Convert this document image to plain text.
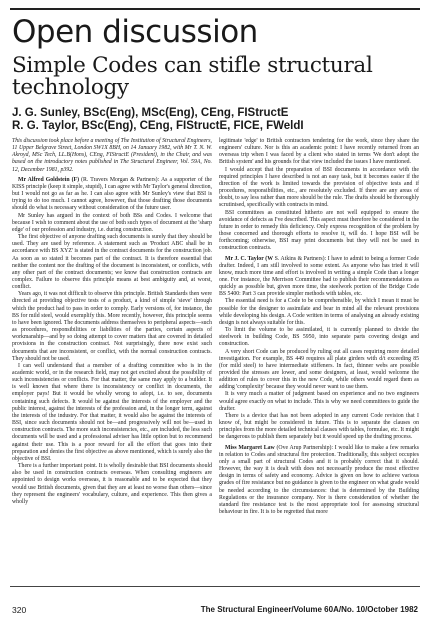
Open discussion
Simple Codes can stifle structural technology
J. G. Sunley, BSc(Eng), MSc(Eng), CEng, FIStructE
R. G. Taylor, BSc(Eng), CEng, FIStructE, FICE, FWeldI

This discussion took place before a meeting of The Institution of Structural Engineers, 11 Upper Belgrave Street, London SW1X 8BH, on 14 January 1982, with Mr T. N. W. Akroyd, MSc Tech, LL.B(Hons), CEng, FIStructE (President), in the Chair, and was based on the introductory notes published in The Structural Engineer, Vol. 59A, No. 12, December 1981, p392.

Mr Alfred Goldstein (F) (R. Travers Morgan & Partners): As a supporter of the KISS principle (keep it simple, stupid), I can agree with Mr Taylor's general direction, but I would not go as far as he. I can also agree with Mr Sunley's view that BSI is trying to do too much. I cannot agree, however, that those drafting those documents should do what is necessary without consideration of the future user.

Mr Sunley has argued in the context of both BSs and Codes. I welcome that because I wish to comment about the use of both such types of document at the 'sharp edge' of our profession and industry, i.e. during construction.

The first objective of anyone drafting such documents is surely that they should be used. They are used by reference. A statement such as 'Product ABC shall be in accordance with BS XYZ' is stated in the contract documents for the construction job. As soon as so stated it becomes part of the contract. It is therefore essential that neither the content nor the drafting of the document is inconsistent, or conflicts, with any other part of the contract documents; we know that construction contracts are complex. Failure to observe this principle means at best ambiguity and, at worst, conflict.

Years ago, it was not difficult to observe this principle. British Standards then were directed at providing objective tests of a product, a kind of simple 'sieve' through which the product had to pass in order to comply. Early versions of, for instance, the BS for mild steel, would exemplify this. More recently, however, this principle seems to have been ignored. The documents address themselves to peripheral aspects—such as procedures, responsibilities or liabilities of the parties, certain aspects of workmanship—and by so doing attempt to cover matters that are covered in detailed provisions in the construction contract. Not surprisingly, there now exist such documents that are inconsistent, or conflict, with the normal construction contracts. They should not be used.

I can well understand that a member of a drafting committee who is in the academic world, or in the research field, may not get excited about the possibility of such inconsistencies or conflicts. For that matter, the same may apply to a builder. It is well known that where there is inconsistency or conflict in documents, the employer pays! But it would be wholly wrong to adopt, i.e. to see, documents containing such defects. It would be against the interests of the employer and the public interest, against the interests of the profession and, in the longer term, against the interests of the industry. For that matter, it would also be against the interests of BSI, since such documents should not be—and progressively will not be—used in construction contracts. The more such inconsistencies, etc., are included, the less such documents will be used and a professional adviser has little option but to recommend against their use. This is a poor reward for all the effort that goes into their preparation and denies the first objective as above mentioned, which is surely also the objective of BSI.

There is a further important point. It is wholly desirable that BSI documents should also be used in construction contracts overseas. When consulting engineers are appointed to design works overseas, it is reasonable and to be expected that they would use British documents, given that they are at least no worse than others—since they represent the engineers' vocabulary, culture, and experience. This then gives a wholly

legitimate 'edge' to British contractors tendering for the work, since they share the engineers' culture. Nor is this an academic point: I have recently returned from an overseas trip when I was faced by a client who stated in terms 'We don't adopt the British system' and his grounds for that view included the issues I have mentioned.

I would accept that the preparation of BSI documents in accordance with the required principles I have described is not an easy task, but it becomes easier if the direction of the work is limited towards the provision of objective tests and if procedures, responsibilities, etc., are resolutely excluded. If there are any areas of doubt, to say less rather than more should be the rule. The drafts should be thoroughly scrutinised, specifically with contracts in mind.

BSI committees as constituted hitherto are not well equipped to ensure the avoidance of defects as I've described. This aspect must therefore be considered in the future in order to remedy this deficiency. Only express recognition of the problem by those concerned and thorough efforts to resolve it, will do. I hope BSI will be forthcoming; otherwise, BSI may print documents but they will not be used in construction contracts.

Mr J. C. Taylor (W S. Atkins & Partners): I have to admit to being a former Code drafter. Indeed, I am still involved to some extent. As anyone who has tried it will know, much more time and effort is involved in writing a simple Code than a longer one. For instance, the Merrison Committee had to publish their recommendations as quickly as possible but, given more time, the steelwork portion of the Bridge Code BS 5400: Part 3 can provide simpler methods with tables, etc.

The essential need is for a Code to be comprehensible, by which I mean it must be possible for the designer to assimilate and bear in mind all the relevant provisions while developing his design. A Code written in terms of analysing an already existing design is not always suitable for this.

To limit the volume to be assimilated, it is currently planned to divide the steelwork in building Code, BS 5950, into separate parts covering design and construction.

A very short Code can be produced by ruling out all cases requiring more detailed investigation. For example, BS 449 requires all plate girders with d/t exceeding 85 (for mild steel) to have intermediate stiffeners. In fact, thinner webs are possible provided the stresses are lower, and some designers, at least, would welcome the addition of rules to cover this in the new Code, while others would regard them as adding 'complexity' because they would never want to use them.

It is very much a matter of judgment based on experience and no two engineers would agree exactly on what to include. This is why we need committees to guide the drafter.

There is a device that has not been adopted in any current Code revision that I know of, but might be considered in future. This is to separate the clauses on principles from the more detailed technical clauses with tables, formulae, etc. It might be dangerous to publish them separately but it would speed up the drafting process.

Miss Margaret Law (Ove Arup Partnership): I would like to make a few remarks in relation to Codes and structural fire protection. Traditionally, this subject occupies only a small part of structural Codes and it is probably correct that it should. However, the way it is dealt with does not necessarily produce the most effective design in terms of safety and economy. Advice is given on how to achieve various grades of fire resistance but no guidance is given to the engineer on what grade would be needed according to the circumstances: that is determined by the Building Regulations or the insurance company. Nor is there consideration of whether the standard fire resistance test is the most appropriate tool for assessing structural behaviour in fire. It is to be regretted that more

320	The Structural Engineer/Volume 60A/No. 10/October 1982
